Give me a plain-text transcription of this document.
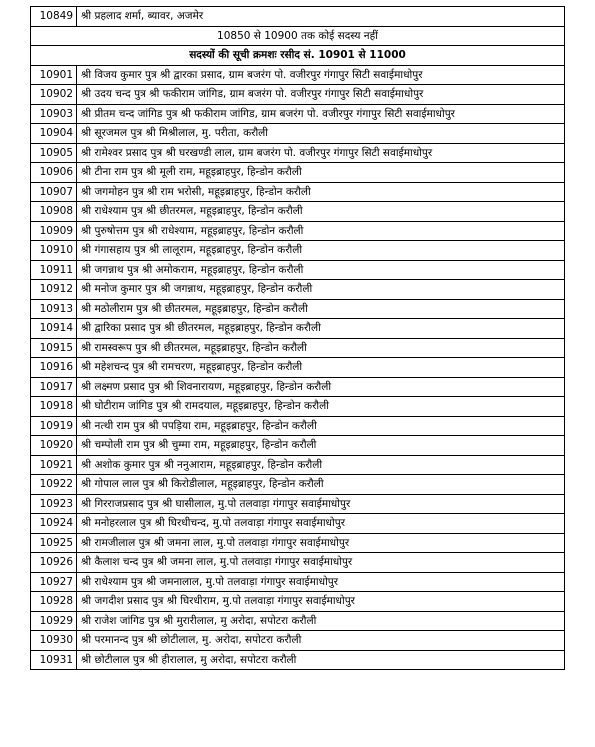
10849	श्री प्रहलाद शर्मा, ब्यावर, अजमेर
10850 से 10900 तक कोई सदस्य नहीं	
सदस्यों की सूची क्रमशः रसीद सं. 10901 से 11000	
10901	श्री विजय कुमार पुत्र श्री द्वारका प्रसाद, ग्राम बजरंग पो. वजीरपुर गंगापुर सिटी सवाईमाधोपुर
10902	श्री उदय चन्द पुत्र श्री फकीराम जांगिड, ग्राम बजरंग पो. वजीरपुर गंगापुर सिटी सवाईमाधोपुर
10903	श्री प्रीतम चन्द जांगिड पुत्र श्री फकीराम जांगिड, ग्राम बजरंग पो. वजीरपुर गंगापुर सिटी सवाईमाधोपुर
10904	श्री सूरजमल पुत्र श्री मिश्रीलाल, मु. परीता, करौली
10905	श्री रामेश्वर प्रसाद पुत्र श्री घरखण्डी लाल, ग्राम बजरंग पो. वजीरपुर गंगापुर सिटी सवाईमाधोपुर
10906	श्री टीना राम पुत्र श्री मूली राम, महूइब्राहपुर, हिन्डोन करौली
10907	श्री जगमोहन पुत्र श्री राम भरोसी, महूइब्राहपुर, हिन्डोन करौली
10908	श्री राधेश्याम पुत्र श्री छीतरमल, महूइब्राहपुर, हिन्डोन करौली
10909	श्री पुरुषोत्तम पुत्र श्री राधेश्याम, महूइब्राहपुर, हिन्डोन करौली
10910	श्री गंगासहाय पुत्र श्री लालूराम, महूइब्राहपुर, हिन्डोन करौली
10911	श्री जगन्नाथ पुत्र श्री अमोकराम, महूइब्राहपुर, हिन्डोन करौली
10912	श्री मनोज कुमार पुत्र श्री जगन्नाथ, महूइब्राहपुर, हिन्डोन करौली
10913	श्री मठोलीराम पुत्र श्री छीतरमल, महूइब्राहपुर, हिन्डोन करौली
10914	श्री द्वारिका प्रसाद पुत्र श्री छीतरमल, महूइब्राहपुर, हिन्डोन करौली
10915	श्री रामस्वरूप पुत्र श्री छीतरमल, महूइब्राहपुर, हिन्डोन करौली
10916	श्री महेशचन्द पुत्र श्री रामचरण, महूइब्राहपुर, हिन्डोन करौली
10917	श्री लक्ष्मण प्रसाद पुत्र श्री शिवनारायण, महूइब्राहपुर, हिन्डोन करौली
10918	श्री घोटीराम जांगिड पुत्र श्री रामदयाल, महूइब्राहपुर, हिन्डोन करौली
10919	श्री नत्थी राम पुत्र श्री पपड़िया राम, महूइब्राहपुर, हिन्डोन करौली
10920	श्री चम्पोली राम पुत्र श्री चुम्मा राम, महूइब्राहपुर, हिन्डोन करौली
10921	श्री अशोक कुमार पुत्र श्री ननुआराम, महूइब्राहपुर, हिन्डोन करौली
10922	श्री गोपाल लाल पुत्र श्री किरोडीलाल, महूइब्राहपुर, हिन्डोन करौली
10923	श्री गिरराजप्रसाद पुत्र श्री घासीलाल, मु.पो तलवाड़ा गंगापुर सवाईमाधोपुर
10924	श्री मनोहरलाल पुत्र श्री घिरधीचन्द, मु.पो तलवाड़ा गंगापुर सवाईमाधोपुर
10925	श्री रामजीलाल पुत्र श्री जमना लाल, मु.पो तलवाड़ा गंगापुर सवाईमाधोपुर
10926	श्री कैलाश चन्द पुत्र श्री जमना लाल, मु.पो तलवाड़ा गंगापुर सवाईमाधोपुर
10927	श्री राधेश्याम पुत्र श्री जमनालाल, मु.पो तलवाड़ा गंगापुर सवाईमाधोपुर
10928	श्री जगदीश प्रसाद पुत्र श्री घिरधीराम, मु.पो तलवाड़ा गंगापुर सवाईमाधोपुर
10929	श्री राजेश जांगिड पुत्र श्री मुरारीलाल, मु अरोदा, सपोटरा करौली
10930	श्री परमानन्द पुत्र श्री छोटीलाल, मु. अरोदा, सपोटरा करौली
10931	श्री छोटीलाल पुत्र श्री हीरालाल, मु अरोदा, सपोटरा करौली
